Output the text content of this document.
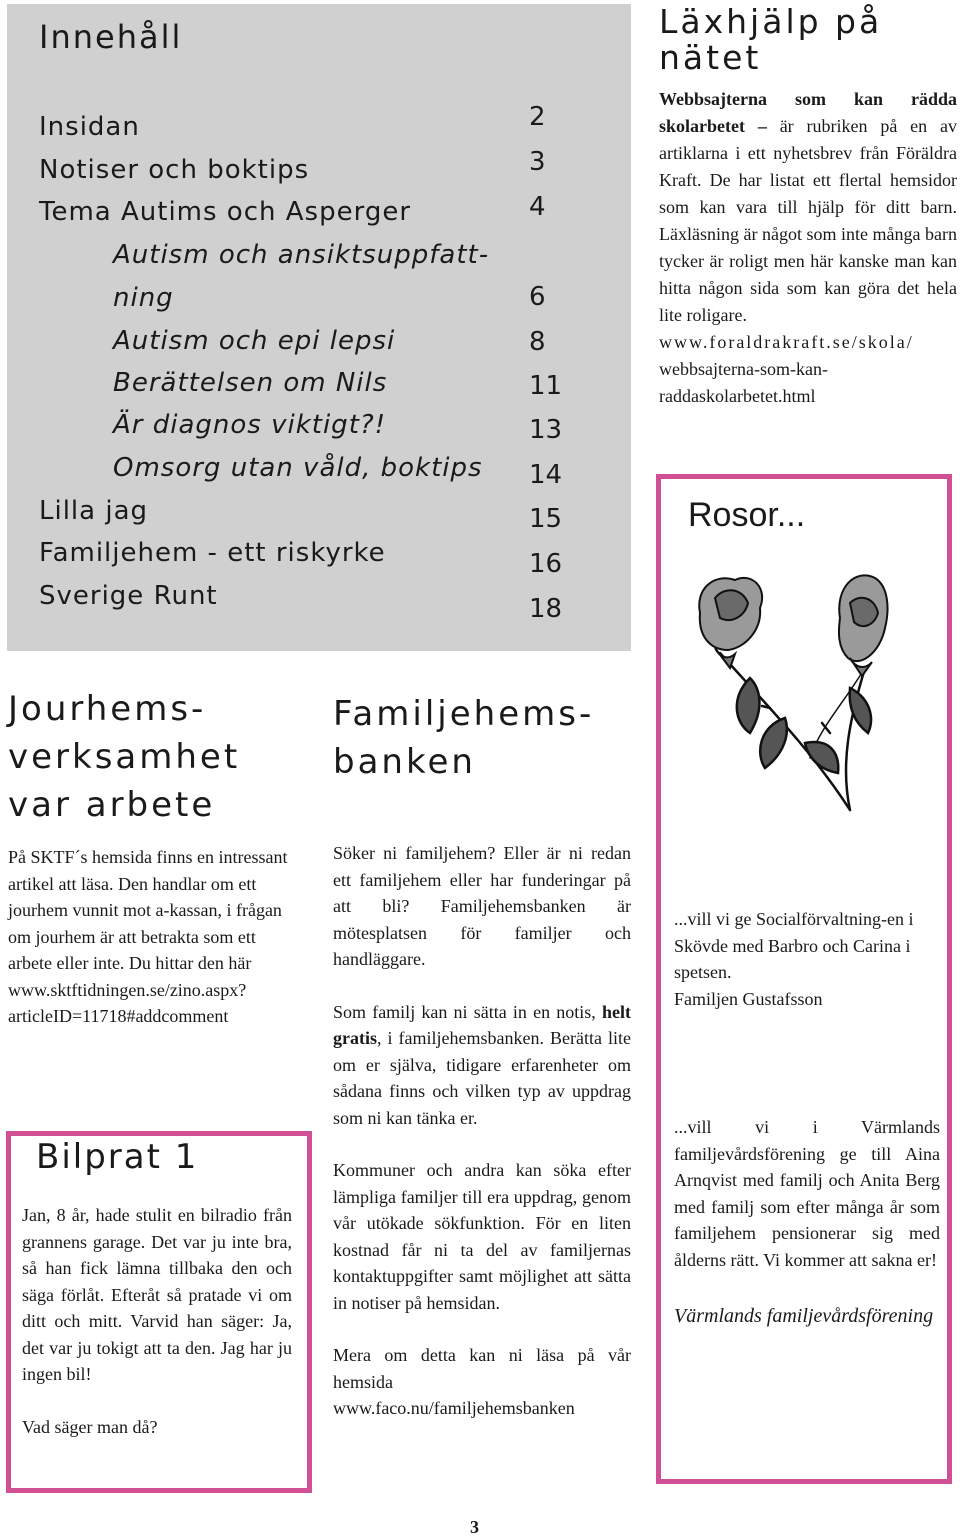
Innehåll
Insidan	2
Notiser och boktips	3
Tema Autims och Asperger	4
Autism och ansiktsuppfatt-
ning	6
Autism och epi lepsi	8
Berättelsen om Nils	11
Är diagnos viktigt?!	13
Omsorg utan våld, boktips 14
Lilla jag	15
Familjehem - ett riskyrke	16
Sverige Runt	18
Läxhjälp på
nätet
Webbsajterna som kan rädda skolarbetet – är rubriken på en av artiklarna i ett nyhetsbrev från Föräldra Kraft. De har listat ett flertal hemsidor som kan vara till hjälp för ditt barn. Läxläsning är något som inte många barn tycker är roligt men här kanske man kan hitta någon sida som kan göra det hela lite roligare.
www.foraldrakraft.se/skola/
webbsajterna-som-kan-
raddaskolarbetet.html
Rosor...

...vill vi ge Socialförvaltning-en i Skövde med Barbro och Carina i spetsen.

Familjen Gustafsson

...vill vi i Värmlands familjevårdsförening ge till Aina Arnqvist med familj och Anita Berg med familj som efter många år som familjehem pensionerar sig med ålderns rätt. Vi kommer att sakna er!

Värmlands familjevårdsförening

Jourhems-
verksamhet
var arbete

På SKTF´s hemsida finns en intressant artikel att läsa. Den handlar om ett jourhem vunnit mot a-kassan, i frågan om jourhem är att betrakta som ett arbete eller inte. Du hittar den här

www.sktftidningen.se/zino.aspx?

articleID=11718#addcomment

Bilprat 1

Jan, 8 år, hade stulit en bilradio från grannens garage. Det var ju inte bra, så han fick lämna tillbaka den och säga förlåt. Efteråt så pratade vi om ditt och mitt. Varvid han säger: Ja, det var ju tokigt att ta den. Jag har ju ingen bil!

Vad säger man då?

Familjehems-
banken

Söker ni familjehem? Eller är ni redan ett familjehem eller har funderingar på att bli? Familjehemsbanken är mötesplatsen för familjer och handläggare.

Som familj kan ni sätta in en notis, helt gratis, i familjehemsbanken. Berätta lite om er själva, tidigare erfarenheter om sådana finns och vilken typ av uppdrag som ni kan tänka er.

Kommuner och andra kan söka efter lämpliga familjer till era uppdrag, genom vår utökade sökfunktion. För en liten kostnad får ni ta del av familjernas kontaktuppgifter samt möjlighet att sätta in notiser på hemsidan.

Mera om detta kan ni läsa på vår hemsida www.faco.nu/familjehemsbanken

3
